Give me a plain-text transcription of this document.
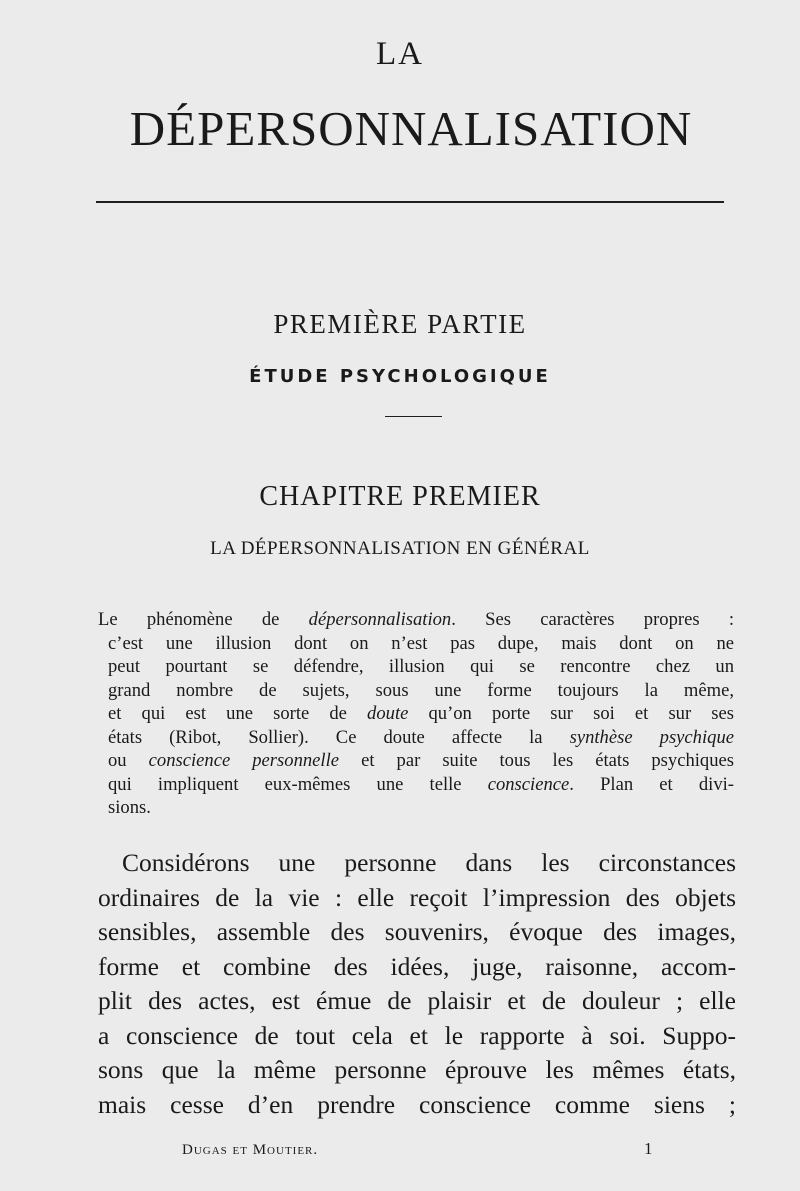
LA
DÉPERSONNALISATION
PREMIÈRE PARTIE
ÉTUDE PSYCHOLOGIQUE
CHAPITRE PREMIER
LA DÉPERSONNALISATION EN GÉNÉRAL
Le phénomène de dépersonnalisation. Ses caractères propres :
c’est une illusion dont on n’est pas dupe, mais dont on ne
peut pourtant se défendre, illusion qui se rencontre chez un
grand nombre de sujets, sous une forme toujours la même,
et qui est une sorte de doute qu’on porte sur soi et sur ses
états (Ribot, Sollier). Ce doute affecte la synthèse psychique
ou conscience personnelle et par suite tous les états psychiques
qui impliquent eux-mêmes une telle conscience. Plan et divi-
sions.
Considérons une personne dans les circonstances
ordinaires de la vie : elle reçoit l’impression des objets
sensibles, assemble des souvenirs, évoque des images,
forme et combine des idées, juge, raisonne, accom-
plit des actes, est émue de plaisir et de douleur ; elle
a conscience de tout cela et le rapporte à soi. Suppo-
sons que la même personne éprouve les mêmes états,
mais cesse d’en prendre conscience comme siens ;
Dugas et Moutier.	1
